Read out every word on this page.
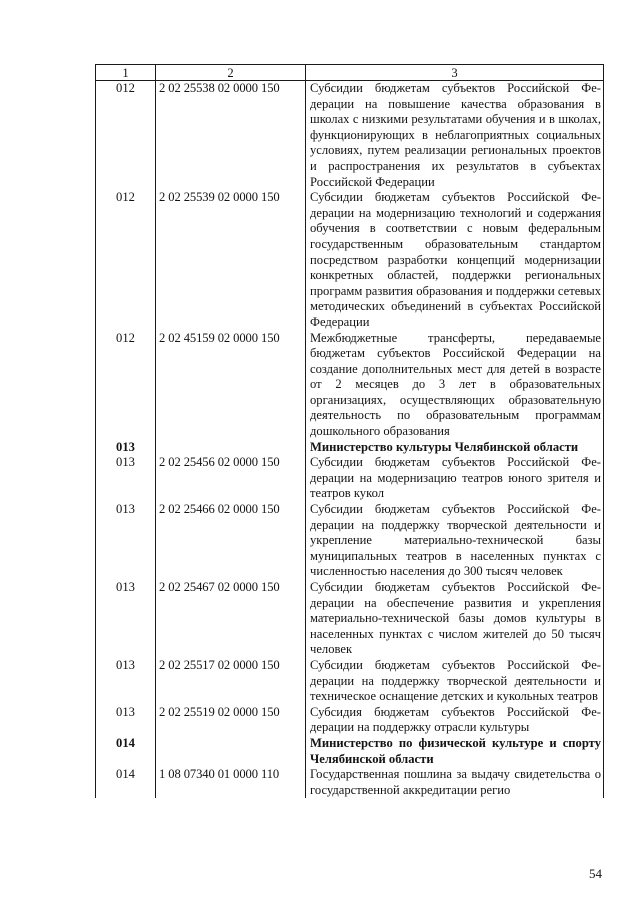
1	2	3
012	2 02 25538 02 0000 150	Субсидии бюджетам субъектов Российской Федерации на повышение качества образования в школах с низкими результатами обучения и в школах, функционирующих в неблагоприятных социальных условиях, путем реализации региональных проектов и распространения их результатов в субъектах Российской Федерации
012	2 02 25539 02 0000 150	Субсидии бюджетам субъектов Российской Федерации на модернизацию технологий и содержания обучения в соответствии с новым федеральным государственным образовательным стандартом посредством разработки концепций модернизации конкретных областей, поддержки региональных программ развития образования и поддержки сетевых методических объединений в субъектах Российской Федерации
012	2 02 45159 02 0000 150	Межбюджетные трансферты, передаваемые бюджетам субъектов Российской Федерации на создание дополнительных мест для детей в возрасте от 2 месяцев до 3 лет в образовательных организациях, осуществляющих образовательную деятельность по образовательным программам дошкольного образования
013		Министерство культуры Челябинской области
013	2 02 25456 02 0000 150	Субсидии бюджетам субъектов Российской Федерации на модернизацию театров юного зрителя и театров кукол
013	2 02 25466 02 0000 150	Субсидии бюджетам субъектов Российской Федерации на поддержку творческой деятельности и укрепление материально-технической базы муниципальных театров в населенных пунктах с численностью населения до 300 тысяч человек
013	2 02 25467 02 0000 150	Субсидии бюджетам субъектов Российской Федерации на обеспечение развития и укрепления материально-технической базы домов культуры в населенных пунктах с числом жителей до 50 тысяч человек
013	2 02 25517 02 0000 150	Субсидии бюджетам субъектов Российской Федерации на поддержку творческой деятельности и техническое оснащение детских и кукольных театров
013	2 02 25519 02 0000 150	Субсидия бюджетам субъектов Российской Федерации на поддержку отрасли культуры
014		Министерство по физической культуре и спорту Челябинской области
014	1 08 07340 01 0000 110	Государственная пошлина за выдачу свидетельства о государственной аккредитации регио
54
